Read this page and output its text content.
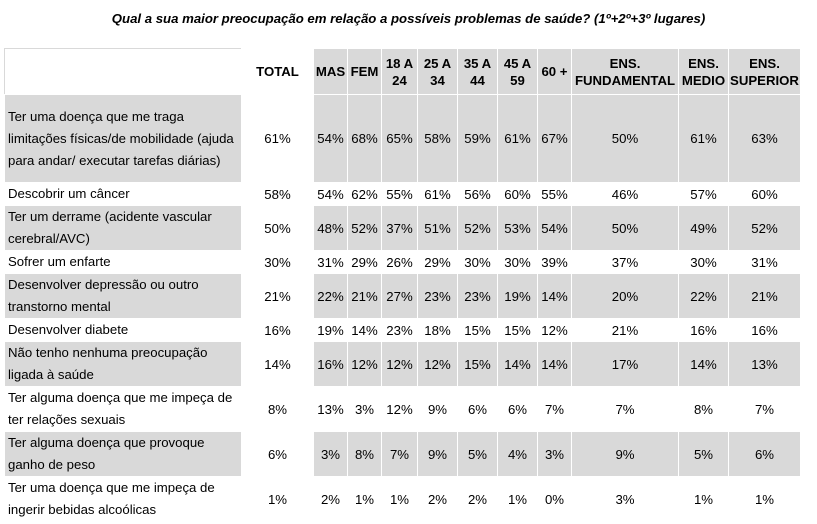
Qual a sua maior preocupação em relação a possíveis problemas de saúde? (1º+2º+3º lugares)
	TOTAL	MAS	FEM	18 A 24	25 A 34	35 A 44	45 A 59	60 +	ENS. FUNDAMENTAL	ENS. MEDIO	ENS. SUPERIOR
Ter uma doença que me traga limitações físicas/de mobilidade (ajuda para andar/ executar tarefas diárias)	61%	54%	68%	65%	58%	59%	61%	67%	50%	61%	63%
Descobrir um câncer	58%	54%	62%	55%	61%	56%	60%	55%	46%	57%	60%
Ter um derrame (acidente vascular cerebral/AVC)	50%	48%	52%	37%	51%	52%	53%	54%	50%	49%	52%
Sofrer um enfarte	30%	31%	29%	26%	29%	30%	30%	39%	37%	30%	31%
Desenvolver depressão ou outro transtorno mental	21%	22%	21%	27%	23%	23%	19%	14%	20%	22%	21%
Desenvolver diabete	16%	19%	14%	23%	18%	15%	15%	12%	21%	16%	16%
Não tenho nenhuma preocupação ligada à saúde	14%	16%	12%	12%	12%	15%	14%	14%	17%	14%	13%
Ter alguma doença que me impeça de ter relações sexuais	8%	13%	3%	12%	9%	6%	6%	7%	7%	8%	7%
Ter alguma doença que provoque ganho de peso	6%	3%	8%	7%	9%	5%	4%	3%	9%	5%	6%
Ter uma doença que me impeça de ingerir bebidas alcoólicas	1%	2%	1%	1%	2%	2%	1%	0%	3%	1%	1%
